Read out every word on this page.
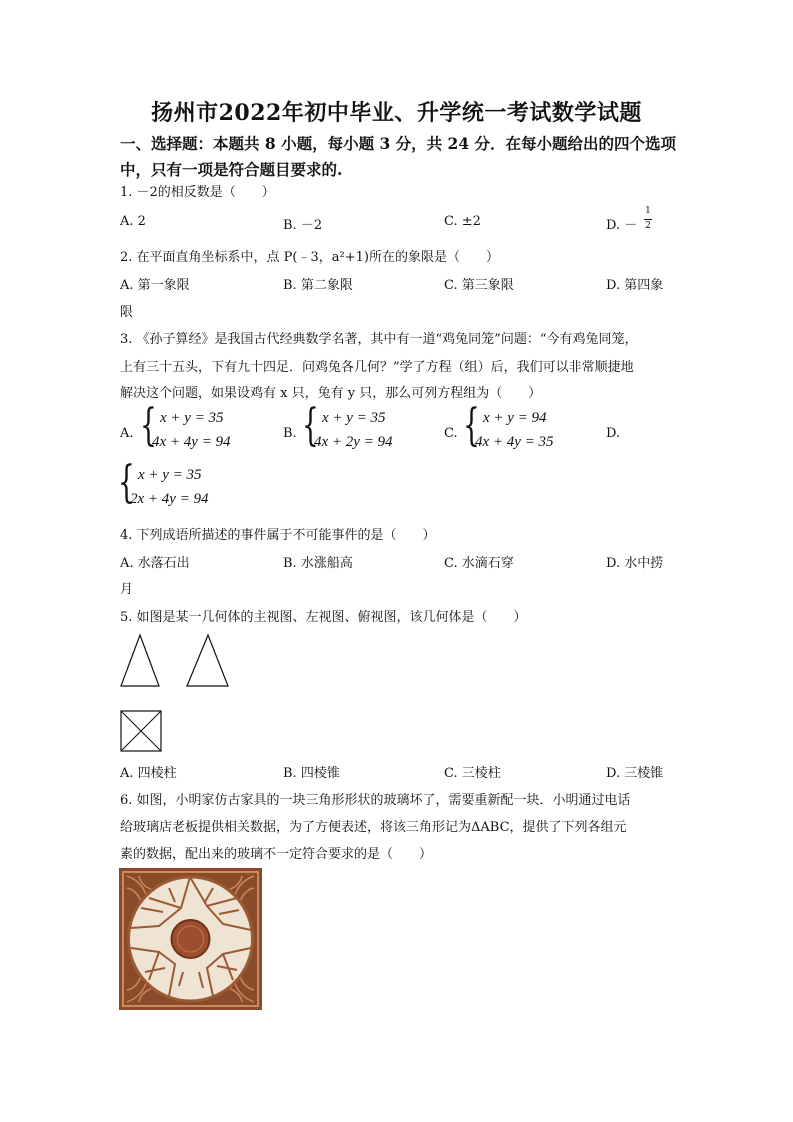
扬州市2022年初中毕业、升学统一考试数学试题
一、选择题：本题共 8 小题，每小题 3 分，共 24 分．在每小题给出的四个选项
中，只有一项是符合题目要求的.
1. －2的相反数是（　　）
A. 2	B. －2	C. ±2	D. －
1
2
2. 在平面直角坐标系中，点 P(﹣3，a²+1)所在的象限是（　　）
A. 第一象限	B. 第二象限	C. 第三象限	D. 第四象
限
3. 《孙子算经》是我国古代经典数学名著，其中有一道“鸡兔同笼”问题：“今有鸡兔同笼，
上有三十五头，下有九十四足．问鸡兔各几何？”学了方程（组）后，我们可以非常顺捷地
解决这个问题，如果设鸡有 x 只，兔有 y 只，那么可列方程组为（　　）
A. { x + y = 35
4x + 4y = 94
B. { x + y = 35
4x + 2y = 94
C. { x + y = 94
4x + 4y = 35
D.
{ x + y = 35
2x + 4y = 94
4. 下列成语所描述的事件属于不可能事件的是（　　）
A. 水落石出	B. 水涨船高	C. 水滴石穿	D. 水中捞
月
5. 如图是某一几何体的主视图、左视图、俯视图，该几何体是（　　）
A. 四棱柱	B. 四棱锥	C. 三棱柱	D. 三棱锥
6. 如图，小明家仿古家具的一块三角形形状的玻璃坏了，需要重新配一块．小明通过电话
给玻璃店老板提供相关数据，为了方便表述，将该三角形记为ΔABC，提供了下列各组元
素的数据，配出来的玻璃不一定符合要求的是（　　）
